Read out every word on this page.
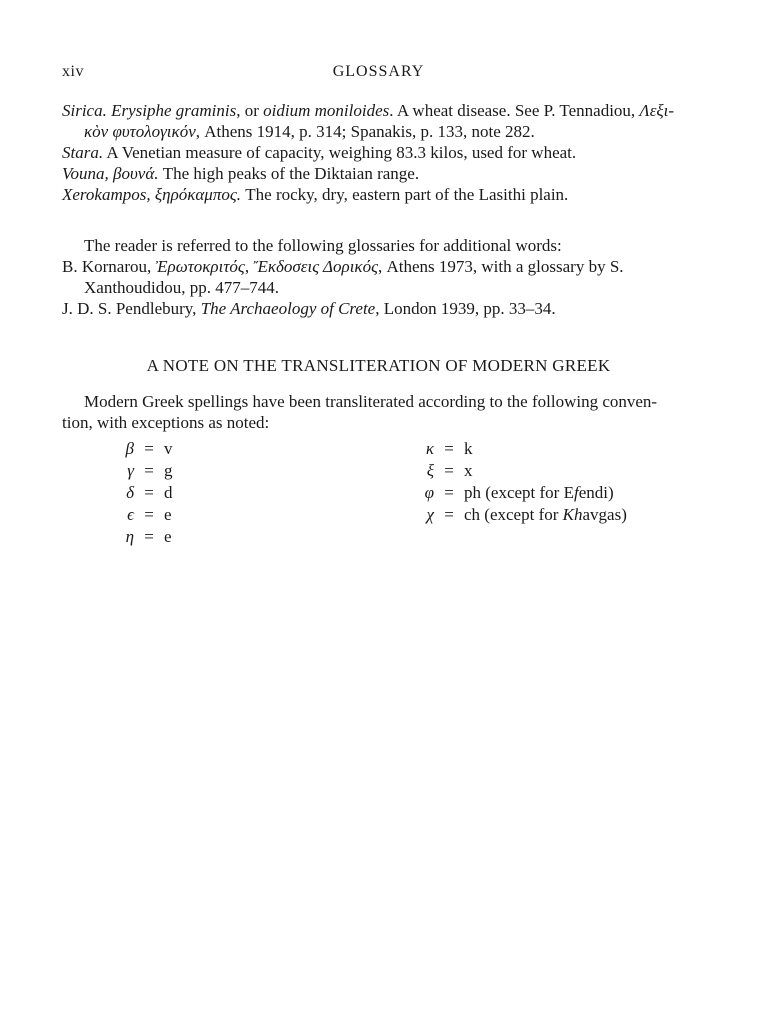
xiv	GLOSSARY
Sirica. Erysiphe graminis, or oidium moniloides. A wheat disease. See P. Tennadiou, Λεξι-
κὸν φυτολογικόν, Athens 1914, p. 314; Spanakis, p. 133, note 282.
Stara. A Venetian measure of capacity, weighing 83.3 kilos, used for wheat.
Vouna, βουνά. The high peaks of the Diktaian range.
Xerokampos, ξηρόκαμπος. The rocky, dry, eastern part of the Lasithi plain.
The reader is referred to the following glossaries for additional words:
B. Kornarou, Ἐρωτοκριτός, Ἔκδοσεις Δορικός, Athens 1973, with a glossary by S.
Xanthoudidou, pp. 477–744.
J. D. S. Pendlebury, The Archaeology of Crete, London 1939, pp. 33–34.
A NOTE ON THE TRANSLITERATION OF MODERN GREEK
Modern Greek spellings have been transliterated according to the following conven-
tion, with exceptions as noted:
β = v
γ = g
δ = d
ϵ = e
η = e
κ = k
ξ = x
φ = ph (except for Efendi)
χ = ch (except for Khavgas)
